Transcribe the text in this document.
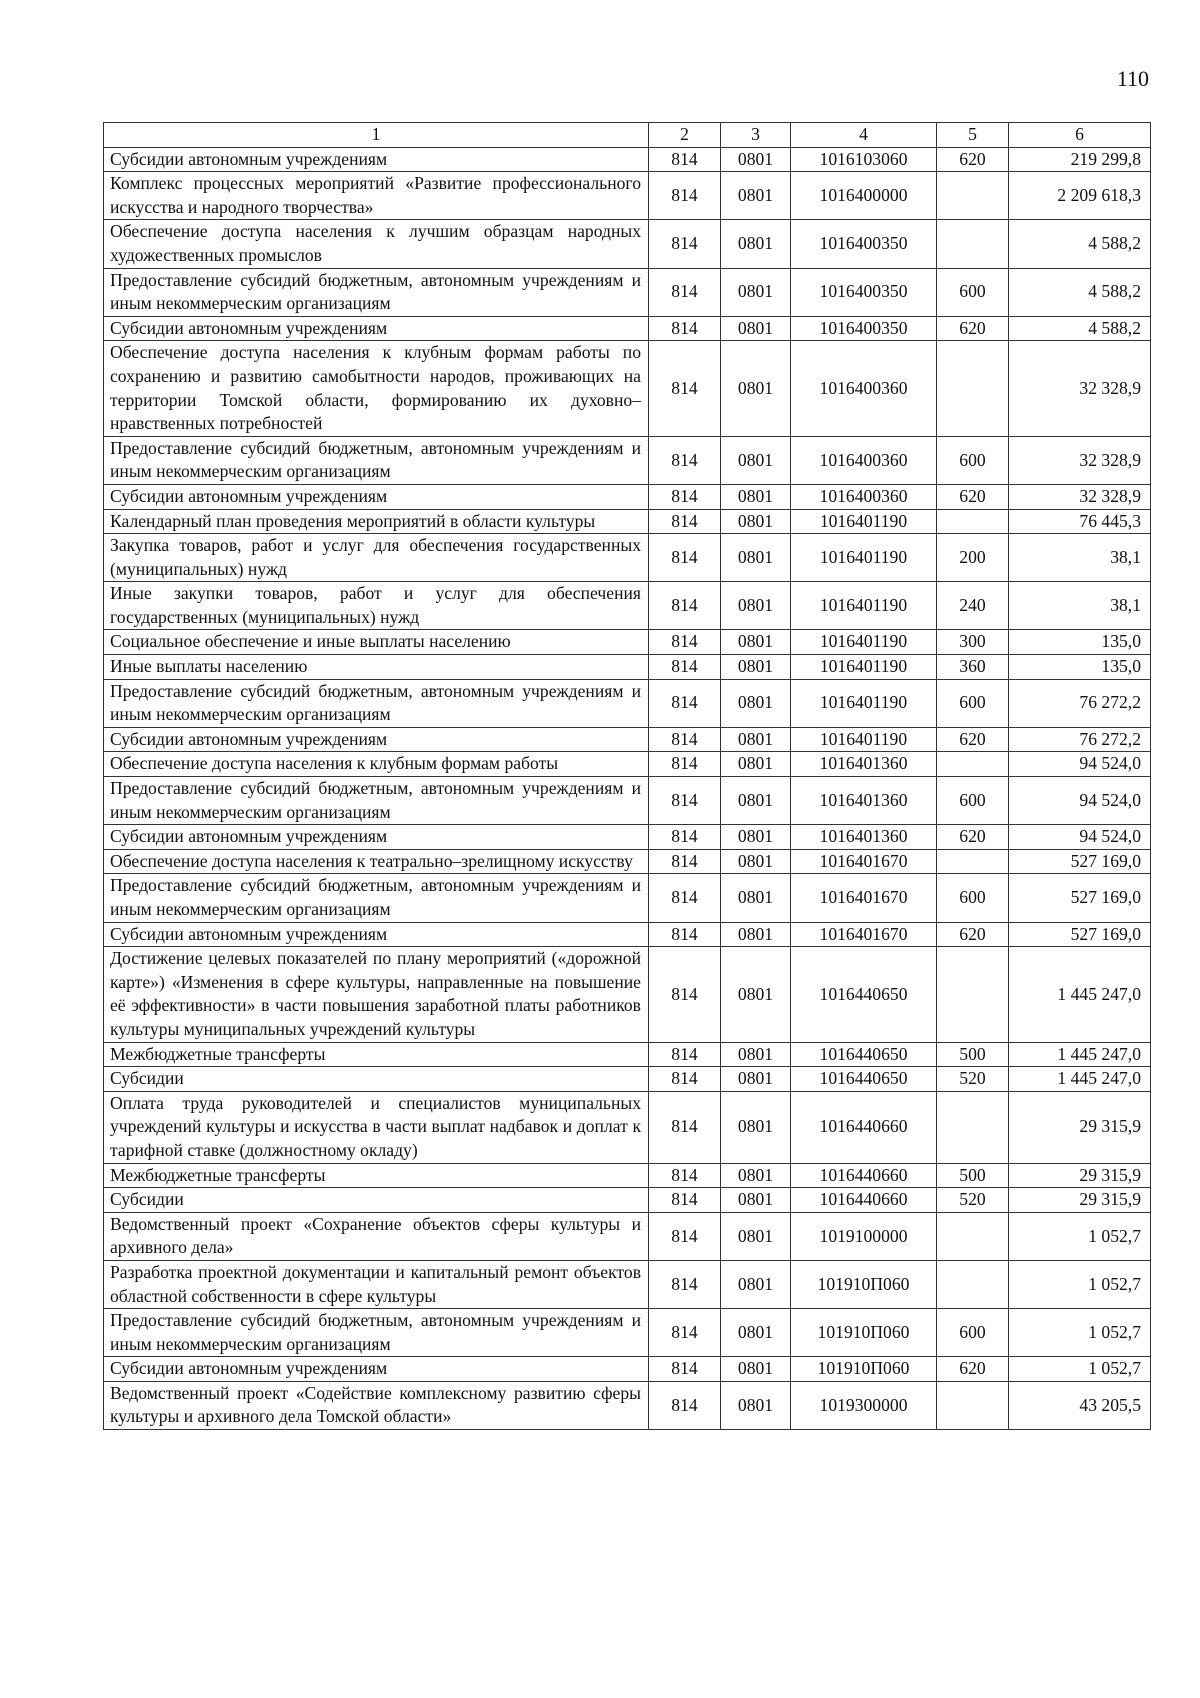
110
1	2	3	4	5	6
Субсидии автономным учреждениям	814	0801	1016103060	620	219 299,8
Комплекс процессных мероприятий «Развитие профессионального искусства и народного творчества»	814	0801	1016400000		2 209 618,3
Обеспечение доступа населения к лучшим образцам народных художественных промыслов	814	0801	1016400350		4 588,2
Предоставление субсидий бюджетным, автономным учреждениям и иным некоммерческим организациям	814	0801	1016400350	600	4 588,2
Субсидии автономным учреждениям	814	0801	1016400350	620	4 588,2
Обеспечение доступа населения к клубным формам работы по сохранению и развитию самобытности народов, проживающих на территории Томской области, формированию их духовно–нравственных потребностей	814	0801	1016400360		32 328,9
Предоставление субсидий бюджетным, автономным учреждениям и иным некоммерческим организациям	814	0801	1016400360	600	32 328,9
Субсидии автономным учреждениям	814	0801	1016400360	620	32 328,9
Календарный план проведения мероприятий в области культуры	814	0801	1016401190		76 445,3
Закупка товаров, работ и услуг для обеспечения государственных (муниципальных) нужд	814	0801	1016401190	200	38,1
Иные закупки товаров, работ и услуг для обеспечения государственных (муниципальных) нужд	814	0801	1016401190	240	38,1
Социальное обеспечение и иные выплаты населению	814	0801	1016401190	300	135,0
Иные выплаты населению	814	0801	1016401190	360	135,0
Предоставление субсидий бюджетным, автономным учреждениям и иным некоммерческим организациям	814	0801	1016401190	600	76 272,2
Субсидии автономным учреждениям	814	0801	1016401190	620	76 272,2
Обеспечение доступа населения к клубным формам работы	814	0801	1016401360		94 524,0
Предоставление субсидий бюджетным, автономным учреждениям и иным некоммерческим организациям	814	0801	1016401360	600	94 524,0
Субсидии автономным учреждениям	814	0801	1016401360	620	94 524,0
Обеспечение доступа населения к театрально–зрелищному искусству	814	0801	1016401670		527 169,0
Предоставление субсидий бюджетным, автономным учреждениям и иным некоммерческим организациям	814	0801	1016401670	600	527 169,0
Субсидии автономным учреждениям	814	0801	1016401670	620	527 169,0
Достижение целевых показателей по плану мероприятий («дорожной карте») «Изменения в сфере культуры, направленные на повышение её эффективности» в части повышения заработной платы работников культуры муниципальных учреждений культуры	814	0801	1016440650		1 445 247,0
Межбюджетные трансферты	814	0801	1016440650	500	1 445 247,0
Субсидии	814	0801	1016440650	520	1 445 247,0
Оплата труда руководителей и специалистов муниципальных учреждений культуры и искусства в части выплат надбавок и доплат к тарифной ставке (должностному окладу)	814	0801	1016440660		29 315,9
Межбюджетные трансферты	814	0801	1016440660	500	29 315,9
Субсидии	814	0801	1016440660	520	29 315,9
Ведомственный проект «Сохранение объектов сферы культуры и архивного дела»	814	0801	1019100000		1 052,7
Разработка проектной документации и капитальный ремонт объектов областной собственности в сфере культуры	814	0801	101910П060		1 052,7
Предоставление субсидий бюджетным, автономным учреждениям и иным некоммерческим организациям	814	0801	101910П060	600	1 052,7
Субсидии автономным учреждениям	814	0801	101910П060	620	1 052,7
Ведомственный проект «Содействие комплексному развитию сферы культуры и архивного дела Томской области»	814	0801	1019300000		43 205,5
